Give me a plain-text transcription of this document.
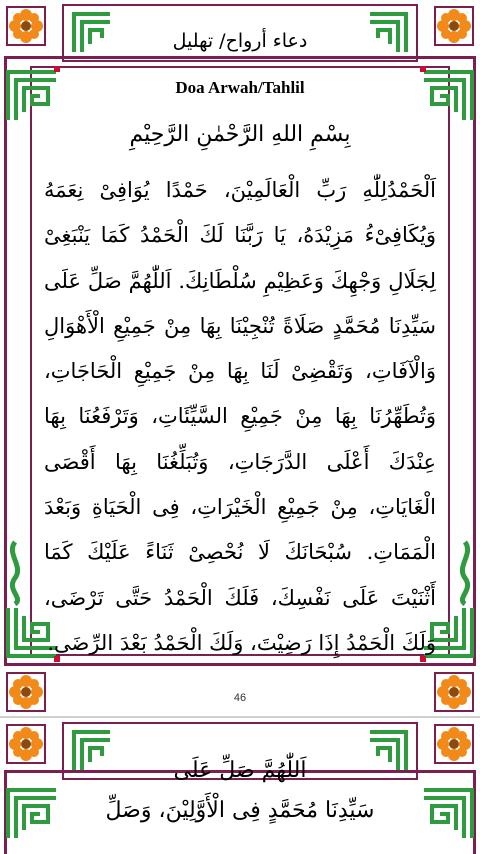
دعاء أرواح/ تهليل
Doa Arwah/Tahlil
بِسْمِ اللهِ الرَّحْمٰنِ الرَّحِيْمِ
اَلْحَمْدُلِلّٰهِ رَبِّ الْعَالَمِيْنَ، حَمْدًا يُوَافِىْ نِعَمَهُ وَيُكَافِىْءُ مَزِيْدَهُ، يَا رَبَّنَا لَكَ الْحَمْدُ كَمَا يَنْبَغِىْ لِجَلَالِ وَجْهِكَ وَعَظِيْمِ سُلْطَانِكَ. اَللّٰهُمَّ صَلِّ عَلَى سَيِّدِنَا مُحَمَّدٍ صَلَاةً تُنْجِيْنَا بِهَا مِنْ جَمِيْعِ الْأَهْوَالِ وَالْآفَاتِ، وَتَقْضِىْ لَنَا بِهَا مِنْ جَمِيْعِ الْحَاجَاتِ، وَتُطَهِّرُنَا بِهَا مِنْ جَمِيْعِ السَّيِّئَاتِ، وَتَرْفَعُنَا بِهَا عِنْدَكَ أَعْلَى الدَّرَجَاتِ، وَتُبَلِّغُنَا بِهَا أَقْصَى الْغَايَاتِ، مِنْ جَمِيْعِ الْخَيْرَاتِ، فِى الْحَيَاةِ وَبَعْدَ الْمَمَاتِ. سُبْحَانَكَ لَا نُحْصِىْ ثَنَاءً عَلَيْكَ كَمَا أَثْنَيْتَ عَلَى نَفْسِكَ، فَلَكَ الْحَمْدُ حَتَّى تَرْضَى، وَلَكَ الْحَمْدُ إِذَا رَضِيْتَ، وَلَكَ الْحَمْدُ بَعْدَ الرِّضَى.
46
اَللّٰهُمَّ صَلِّ عَلَى
سَيِّدِنَا مُحَمَّدٍ فِى الْأَوَّلِيْنَ، وَصَلِّ
